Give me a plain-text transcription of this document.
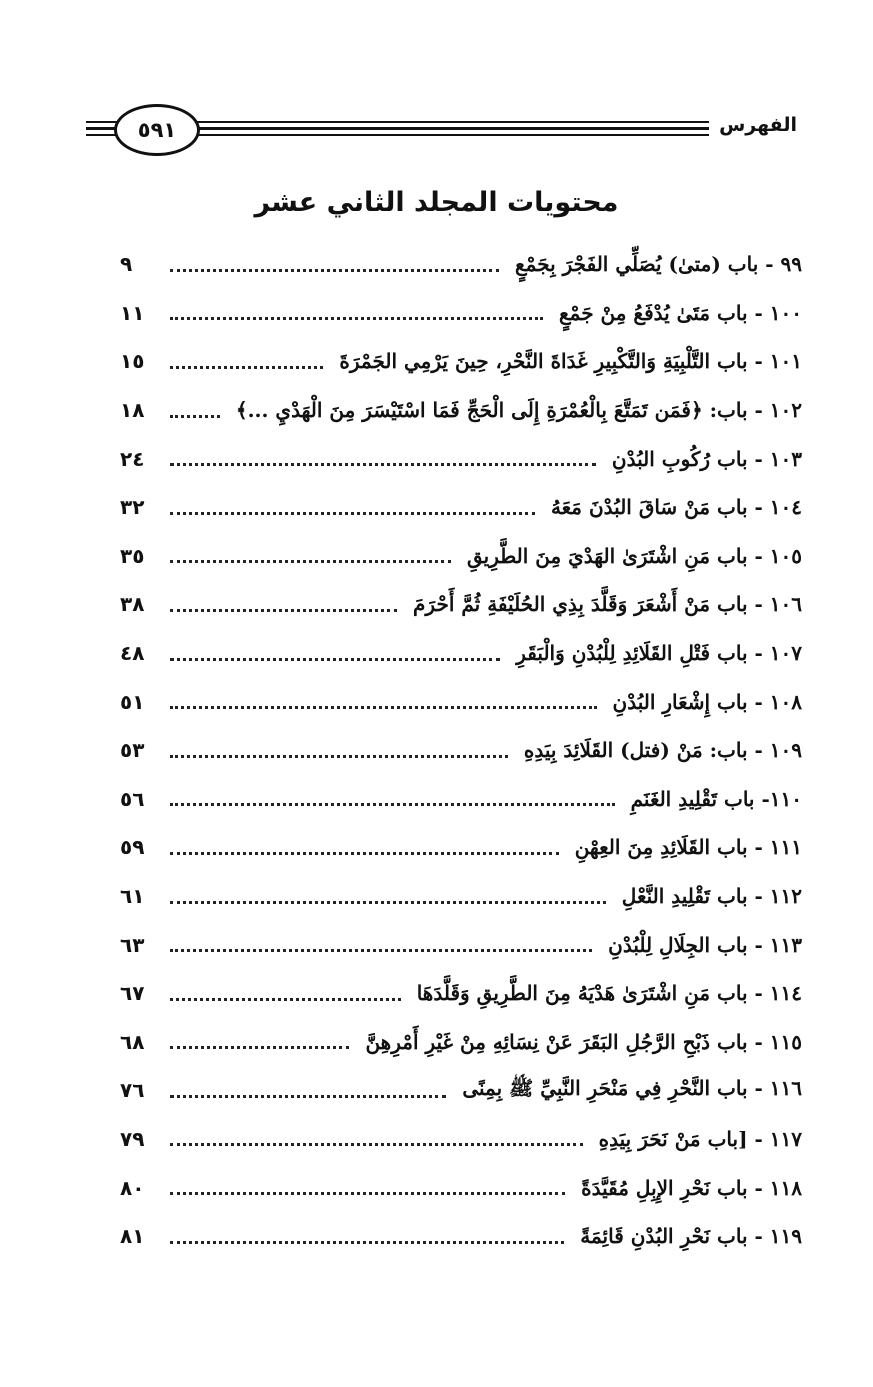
الفهرس
٥٩١
محتويات المجلد الثاني عشر
٩٩ - باب (متىٰ) يُصَلِّي الفَجْرَ بِجَمْعٍ
٩
١٠٠ - باب مَتَىٰ يُدْفَعُ مِنْ جَمْعٍ
١١
١٠١ - باب التَّلْبِيَةِ وَالتَّكْبِيرِ غَدَاةَ النَّحْرِ، حِينَ يَرْمِي الجَمْرَةَ
١٥
١٠٢ - باب: ﴿فَمَن تَمَتَّعَ بِالْعُمْرَةِ إِلَى الْحَجِّ فَمَا اسْتَيْسَرَ مِنَ الْهَدْيِ ...﴾
١٨
١٠٣ - باب رُكُوبِ البُدْنِ
٢٤
١٠٤ - باب مَنْ سَاقَ البُدْنَ مَعَهُ
٣٢
١٠٥ - باب مَنِ اشْتَرَىٰ الهَدْيَ مِنَ الطَّرِيقِ
٣٥
١٠٦ - باب مَنْ أَشْعَرَ وَقَلَّدَ بِذِي الحُلَيْفَةِ ثُمَّ أَحْرَمَ
٣٨
١٠٧ - باب فَتْلِ القَلَائِدِ لِلْبُدْنِ وَالْبَقَرِ
٤٨
١٠٨ - باب إِشْعَارِ البُدْنِ
٥١
١٠٩ - باب: مَنْ (فتل) القَلَائِدَ بِيَدِهِ
٥٣
١١٠- باب تَقْلِيدِ الغَنَمِ
٥٦
١١١ - باب القَلَائِدِ مِنَ العِهْنِ
٥٩
١١٢ - باب تَقْلِيدِ النَّعْلِ
٦١
١١٣ - باب الجِلَالِ لِلْبُدْنِ
٦٣
١١٤ - باب مَنِ اشْتَرَىٰ هَدْيَهُ مِنَ الطَّرِيقِ وَقَلَّدَهَا
٦٧
١١٥ - باب ذَبْحِ الرَّجُلِ البَقَرَ عَنْ نِسَائِهِ مِنْ غَيْرِ أَمْرِهِنَّ
٦٨
١١٦ - باب النَّحْرِ فِي مَنْحَرِ النَّبِيِّ ﷺ بِمِنًى
٧٦
١١٧ - [باب مَنْ نَحَرَ بِيَدِهِ
٧٩
١١٨ - باب نَحْرِ الإِبِلِ مُقَيَّدَةً
٨٠
١١٩ - باب نَحْرِ البُدْنِ قَائِمَةً
٨١
